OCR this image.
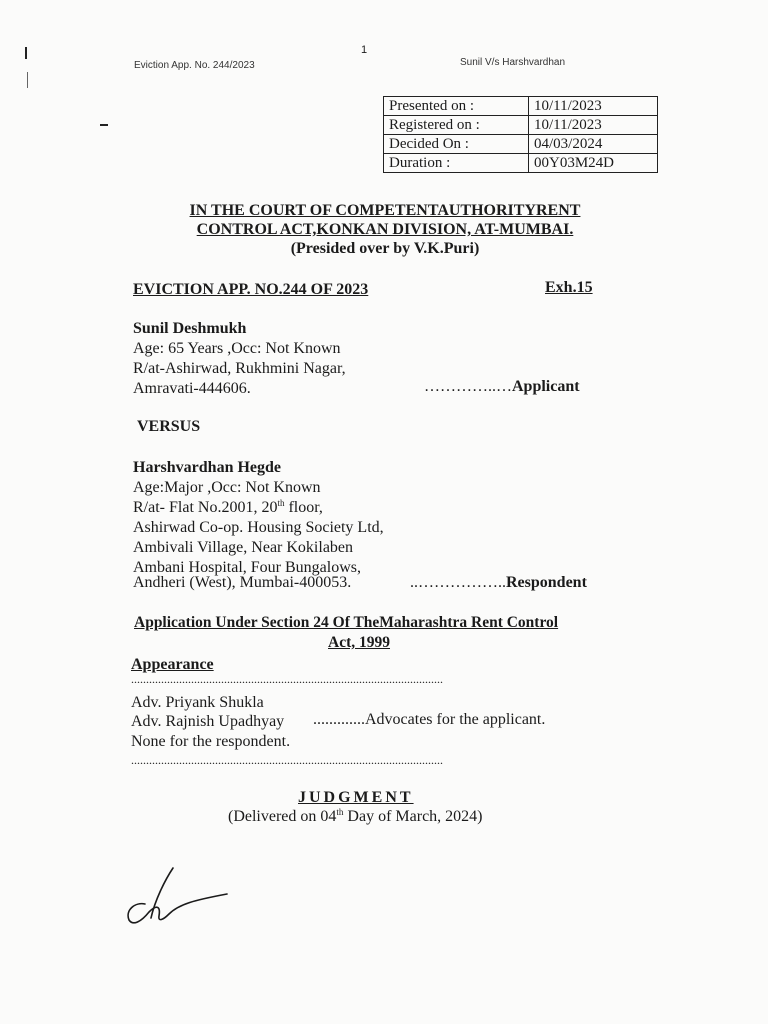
1
Eviction App. No. 244/2023	Sunil V/s Harshvardhan
Presented on :	10/11/2023
Registered on :	10/11/2023
Decided On :	04/03/2024
Duration :	00Y03M24D
IN THE COURT OF COMPETENTAUTHORITYRENT
CONTROL ACT,KONKAN DIVISION, AT-MUMBAI.
(Presided over by V.K.Puri)
EVICTION APP. NO.244 OF 2023	Exh.15
Sunil Deshmukh
Age: 65 Years ,Occ: Not Known
R/at-Ashirwad, Rukhmini Nagar,
Amravati-444606.	…………..…Applicant
VERSUS
Harshvardhan Hegde
Age:Major ,Occ: Not Known
R/at- Flat No.2001, 20th floor,
Ashirwad Co-op. Housing Society Ltd,
Ambivali Village, Near Kokilaben
Ambani Hospital, Four Bungalows,
Andheri (West), Mumbai-400053.	..……………..Respondent
Application Under Section 24 Of TheMaharashtra Rent Control
Act, 1999
Appearance
........................................................................................................
Adv. Priyank Shukla
Adv. Rajnish Upadhyay .............Advocates for the applicant.
None for the respondent.
........................................................................................................
JUDGMENT
(Delivered on 04th Day of March, 2024)
